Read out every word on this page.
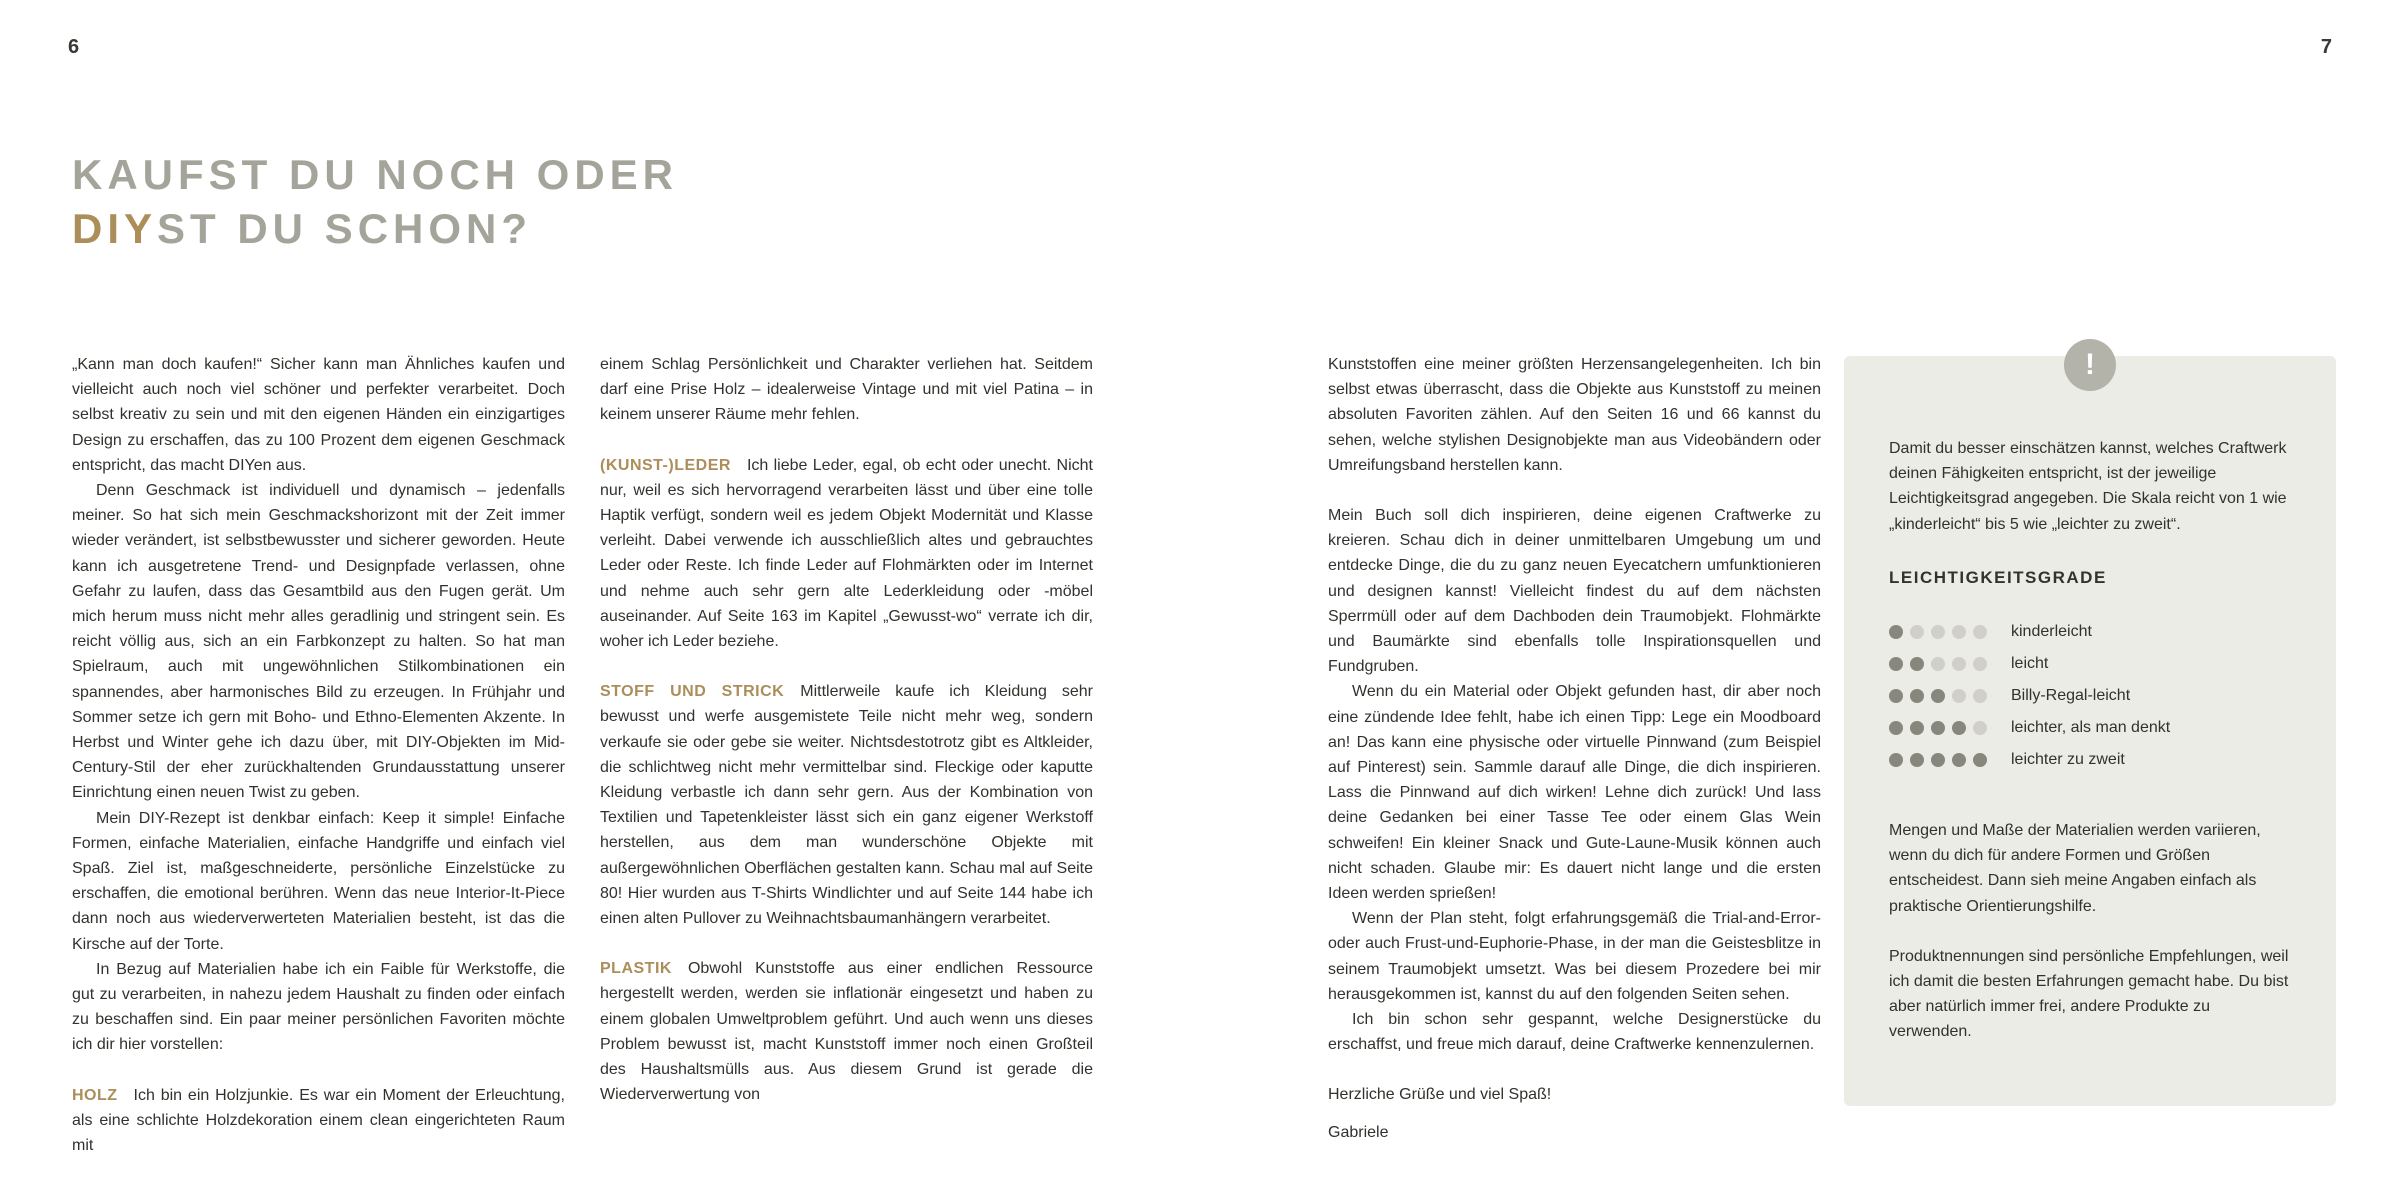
6	7
KAUFST DU NOCH ODER
DIYST DU SCHON?

„Kann man doch kaufen!“ Sicher kann man Ähnliches kaufen und vielleicht auch noch viel schöner und perfekter verarbeitet. Doch selbst kreativ zu sein und mit den eigenen Händen ein einzigartiges Design zu erschaffen, das zu 100 Prozent dem eigenen Geschmack entspricht, das macht DIYen aus.

Denn Geschmack ist individuell und dynamisch – jedenfalls meiner. So hat sich mein Geschmackshorizont mit der Zeit immer wieder verändert, ist selbstbewusster und sicherer geworden. Heute kann ich ausgetretene Trend- und Designpfade verlassen, ohne Gefahr zu laufen, dass das Gesamtbild aus den Fugen gerät. Um mich herum muss nicht mehr alles geradlinig und stringent sein. Es reicht völlig aus, sich an ein Farbkonzept zu halten. So hat man Spielraum, auch mit ungewöhnlichen Stilkombinationen ein spannendes, aber harmonisches Bild zu erzeugen. In Frühjahr und Sommer setze ich gern mit Boho- und Ethno-Elementen Akzente. In Herbst und Winter gehe ich dazu über, mit DIY-Objekten im Mid-Century-Stil der eher zurückhaltenden Grundausstattung unserer Einrichtung einen neuen Twist zu geben.

Mein DIY-Rezept ist denkbar einfach: Keep it simple! Einfache Formen, einfache Materialien, einfache Handgriffe und einfach viel Spaß. Ziel ist, maßgeschneiderte, persönliche Einzelstücke zu erschaffen, die emotional berühren. Wenn das neue Interior-It-Piece dann noch aus wiederverwerteten Materialien besteht, ist das die Kirsche auf der Torte.

In Bezug auf Materialien habe ich ein Faible für Werkstoffe, die gut zu verarbeiten, in nahezu jedem Haushalt zu finden oder einfach zu beschaffen sind. Ein paar meiner persönlichen Favoriten möchte ich dir hier vorstellen:

HOLZ Ich bin ein Holzjunkie. Es war ein Moment der Erleuchtung, als eine schlichte Holzdekoration einem clean eingerichteten Raum mit

einem Schlag Persönlichkeit und Charakter verliehen hat. Seitdem darf eine Prise Holz – idealerweise Vintage und mit viel Patina – in keinem unserer Räume mehr fehlen.

(KUNST-)LEDER Ich liebe Leder, egal, ob echt oder unecht. Nicht nur, weil es sich hervorragend verarbeiten lässt und über eine tolle Haptik verfügt, sondern weil es jedem Objekt Modernität und Klasse verleiht. Dabei verwende ich ausschließlich altes und gebrauchtes Leder oder Reste. Ich finde Leder auf Flohmärkten oder im Internet und nehme auch sehr gern alte Lederkleidung oder -möbel auseinander. Auf Seite 163 im Kapitel „Gewusst-wo“ verrate ich dir, woher ich Leder beziehe.

STOFF UND STRICK Mittlerweile kaufe ich Kleidung sehr bewusst und werfe ausgemistete Teile nicht mehr weg, sondern verkaufe sie oder gebe sie weiter. Nichtsdestotrotz gibt es Altkleider, die schlichtweg nicht mehr vermittelbar sind. Fleckige oder kaputte Kleidung verbastle ich dann sehr gern. Aus der Kombination von Textilien und Tapetenkleister lässt sich ein ganz eigener Werkstoff herstellen, aus dem man wunderschöne Objekte mit außergewöhnlichen Oberflächen gestalten kann. Schau mal auf Seite 80! Hier wurden aus T-Shirts Windlichter und auf Seite 144 habe ich einen alten Pullover zu Weihnachtsbaumanhängern verarbeitet.

PLASTIK Obwohl Kunststoffe aus einer endlichen Ressource hergestellt werden, werden sie inflationär eingesetzt und haben zu einem globalen Umweltproblem geführt. Und auch wenn uns dieses Problem bewusst ist, macht Kunststoff immer noch einen Großteil des Haushaltsmülls aus. Aus diesem Grund ist gerade die Wiederverwertung von

Kunststoffen eine meiner größten Herzensangelegenheiten. Ich bin selbst etwas überrascht, dass die Objekte aus Kunststoff zu meinen absoluten Favoriten zählen. Auf den Seiten 16 und 66 kannst du sehen, welche stylishen Designobjekte man aus Videobändern oder Umreifungsband herstellen kann.

Mein Buch soll dich inspirieren, deine eigenen Craftwerke zu kreieren. Schau dich in deiner unmittelbaren Umgebung um und entdecke Dinge, die du zu ganz neuen Eyecatchern umfunktionieren und designen kannst! Vielleicht findest du auf dem nächsten Sperrmüll oder auf dem Dachboden dein Traumobjekt. Flohmärkte und Baumärkte sind ebenfalls tolle Inspirationsquellen und Fundgruben.

Wenn du ein Material oder Objekt gefunden hast, dir aber noch eine zündende Idee fehlt, habe ich einen Tipp: Lege ein Moodboard an! Das kann eine physische oder virtuelle Pinnwand (zum Beispiel auf Pinterest) sein. Sammle darauf alle Dinge, die dich inspirieren. Lass die Pinnwand auf dich wirken! Lehne dich zurück! Und lass deine Gedanken bei einer Tasse Tee oder einem Glas Wein schweifen! Ein kleiner Snack und Gute-Laune-Musik können auch nicht schaden. Glaube mir: Es dauert nicht lange und die ersten Ideen werden sprießen!

Wenn der Plan steht, folgt erfahrungsgemäß die Trial-and-Error- oder auch Frust-und-Euphorie-Phase, in der man die Geistesblitze in seinem Traumobjekt umsetzt. Was bei diesem Prozedere bei mir herausgekommen ist, kannst du auf den folgenden Seiten sehen.

Ich bin schon sehr gespannt, welche Designerstücke du erschaffst, und freue mich darauf, deine Craftwerke kennenzulernen.

Herzliche Grüße und viel Spaß!

Gabriele

!

Damit du besser einschätzen kannst, welches Craftwerk deinen Fähigkeiten entspricht, ist der jeweilige Leichtigkeitsgrad angegeben. Die Skala reicht von 1 wie „kinderleicht“ bis 5 wie „leichter zu zweit“.

LEICHTIGKEITSGRADE
kinderleicht
leicht
Billy-Regal-leicht
leichter, als man denkt
leichter zu zweit

Mengen und Maße der Materialien werden variieren, wenn du dich für andere Formen und Größen entscheidest. Dann sieh meine Angaben einfach als praktische Orientierungshilfe.

Produktnennungen sind persönliche Empfehlungen, weil ich damit die besten Erfahrungen gemacht habe. Du bist aber natürlich immer frei, andere Produkte zu verwenden.
